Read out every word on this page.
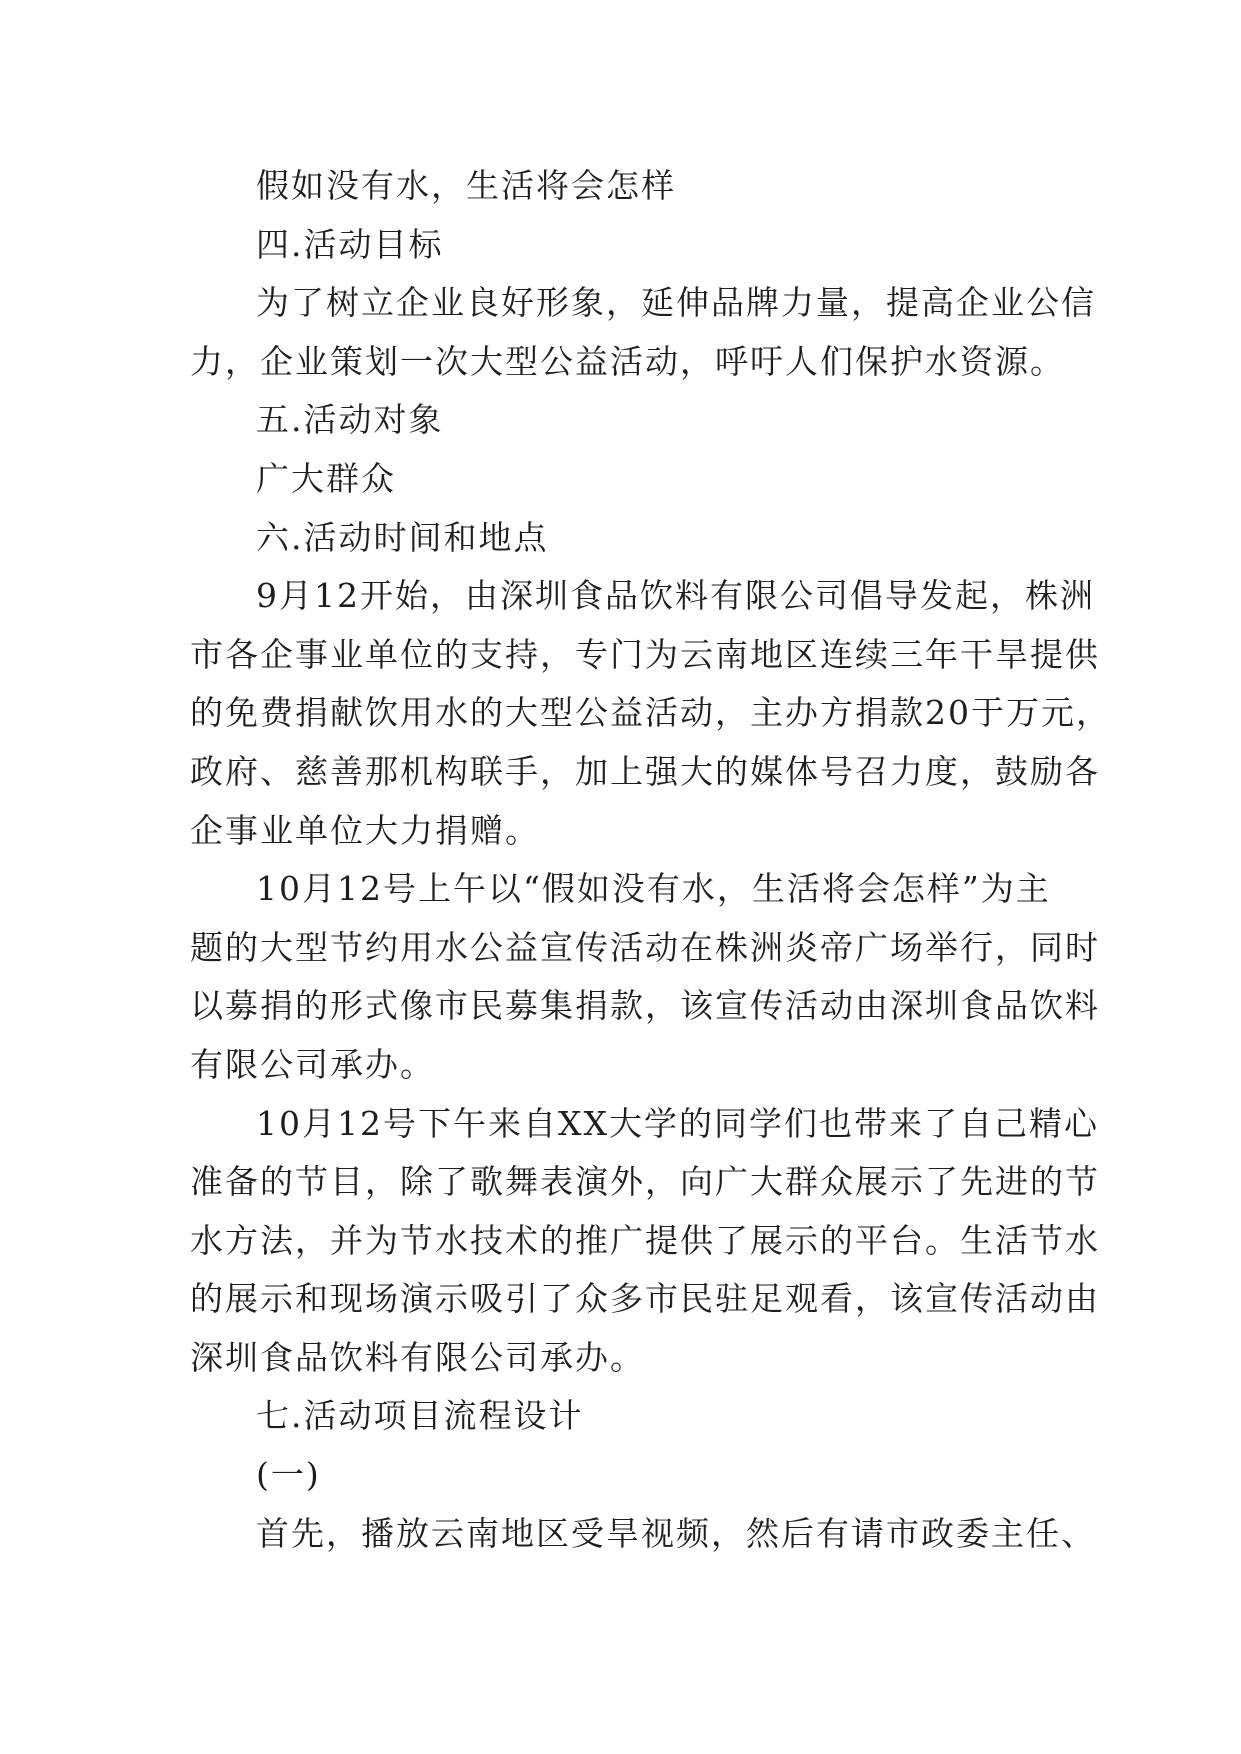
假如没有水，生活将会怎样
四.活动目标
为了树立企业良好形象，延伸品牌力量，提高企业公信
力，企业策划一次大型公益活动，呼吁人们保护水资源。
五.活动对象
广大群众
六.活动时间和地点
9月12开始，由深圳食品饮料有限公司倡导发起，株洲
市各企事业单位的支持，专门为云南地区连续三年干旱提供
的免费捐献饮用水的大型公益活动，主办方捐款20于万元，
政府、慈善那机构联手，加上强大的媒体号召力度，鼓励各
企事业单位大力捐赠。
10月12号上午以“假如没有水，生活将会怎样”为主
题的大型节约用水公益宣传活动在株洲炎帝广场举行，同时
以募捐的形式像市民募集捐款，该宣传活动由深圳食品饮料
有限公司承办。
10月12号下午来自XX大学的同学们也带来了自己精心
准备的节目，除了歌舞表演外，向广大群众展示了先进的节
水方法，并为节水技术的推广提供了展示的平台。生活节水
的展示和现场演示吸引了众多市民驻足观看，该宣传活动由
深圳食品饮料有限公司承办。
七.活动项目流程设计
(一)
首先，播放云南地区受旱视频，然后有请市政委主任、
